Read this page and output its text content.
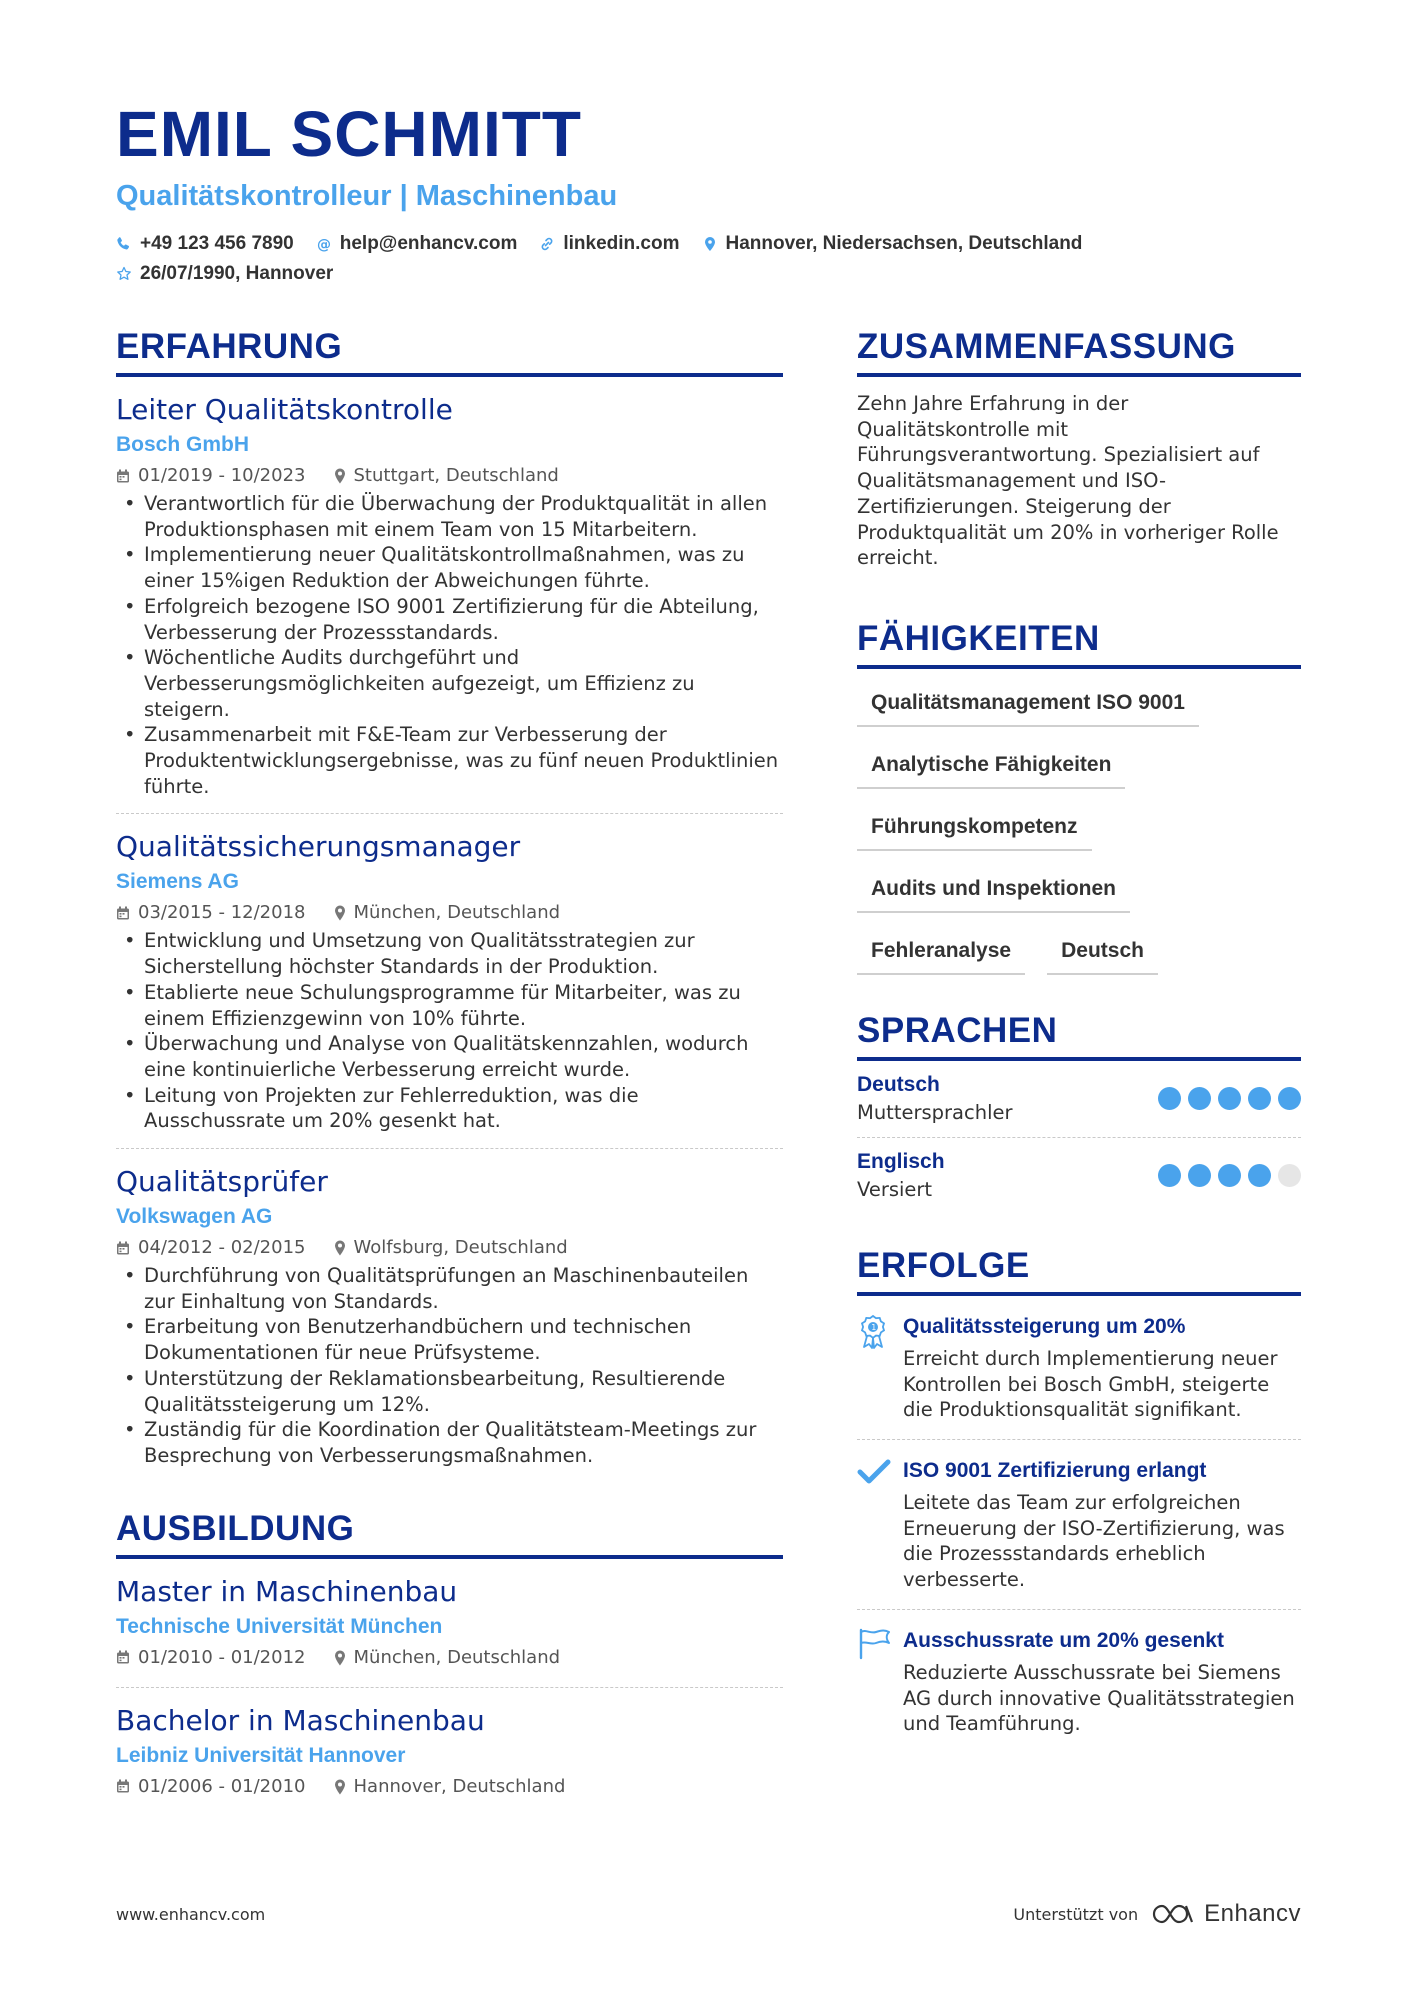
EMIL SCHMITT
Qualitätskontrolleur | Maschinenbau
+49 123 456 7890 @ help@enhancv.com linkedin.com Hannover, Niedersachsen, Deutschland
26/07/1990, Hannover
ERFAHRUNG
Leiter Qualitätskontrolle
Bosch GmbH
01/2019 - 10/2023	Stuttgart, Deutschland
• Verantwortlich für die Überwachung der Produktqualität in allen Produktionsphasen mit einem Team von 15 Mitarbeitern.
• Implementierung neuer Qualitätskontrollmaßnahmen, was zu einer 15%igen Reduktion der Abweichungen führte.
• Erfolgreich bezogene ISO 9001 Zertifizierung für die Abteilung, Verbesserung der Prozessstandards.
• Wöchentliche Audits durchgeführt und Verbesserungsmöglichkeiten aufgezeigt, um Effizienz zu steigern.
• Zusammenarbeit mit F&E-Team zur Verbesserung der Produktentwicklungsergebnisse, was zu fünf neuen Produktlinien führte.
Qualitätssicherungsmanager
Siemens AG
03/2015 - 12/2018	München, Deutschland
• Entwicklung und Umsetzung von Qualitätsstrategien zur Sicherstellung höchster Standards in der Produktion.
• Etablierte neue Schulungsprogramme für Mitarbeiter, was zu einem Effizienzgewinn von 10% führte.
• Überwachung und Analyse von Qualitätskennzahlen, wodurch eine kontinuierliche Verbesserung erreicht wurde.
• Leitung von Projekten zur Fehlerreduktion, was die Ausschussrate um 20% gesenkt hat.
Qualitätsprüfer
Volkswagen AG
04/2012 - 02/2015	Wolfsburg, Deutschland
• Durchführung von Qualitätsprüfungen an Maschinenbauteilen zur Einhaltung von Standards.
• Erarbeitung von Benutzerhandbüchern und technischen Dokumentationen für neue Prüfsysteme.
• Unterstützung der Reklamationsbearbeitung, Resultierende Qualitätssteigerung um 12%.
• Zuständig für die Koordination der Qualitätsteam-Meetings zur Besprechung von Verbesserungsmaßnahmen.
AUSBILDUNG
Master in Maschinenbau
Technische Universität München
01/2010 - 01/2012	München, Deutschland
Bachelor in Maschinenbau
Leibniz Universität Hannover
01/2006 - 01/2010	Hannover, Deutschland
ZUSAMMENFASSUNG
Zehn Jahre Erfahrung in der Qualitätskontrolle mit Führungsverantwortung. Spezialisiert auf Qualitätsmanagement und ISO-Zertifizierungen. Steigerung der Produktqualität um 20% in vorheriger Rolle erreicht.
FÄHIGKEITEN
Qualitätsmanagement ISO 9001
Analytische Fähigkeiten
Führungskompetenz
Audits und Inspektionen
Fehleranalyse	Deutsch
SPRACHEN
Deutsch
Muttersprachler
Englisch
Versiert
ERFOLGE
1 Qualitätssteigerung um 20%
Erreicht durch Implementierung neuer Kontrollen bei Bosch GmbH, steigerte die Produktionsqualität signifikant.
ISO 9001 Zertifizierung erlangt
Leitete das Team zur erfolgreichen Erneuerung der ISO-Zertifizierung, was die Prozessstandards erheblich verbesserte.
Ausschussrate um 20% gesenkt
Reduzierte Ausschussrate bei Siemens AG durch innovative Qualitätsstrategien und Teamführung.
www.enhancv.com	Unterstützt von	Enhancv
